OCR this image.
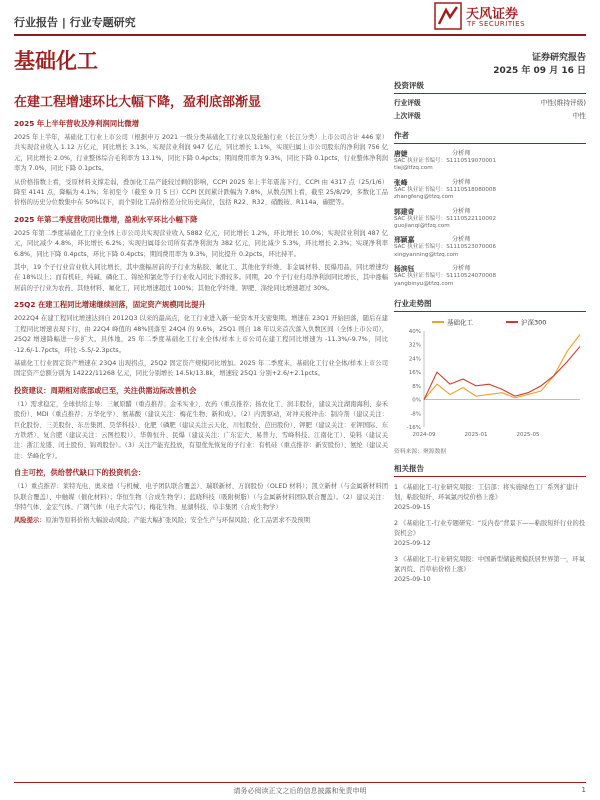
行业报告 | 行业专题研究
天风证券
TF SECURITIES
基础化工	证券研究报告
2025 年 09 月 16 日
在建工程增速环比大幅下降，盈利底部渐显
2025 年上半年营收及净利润同比微增
2025 年上半年，基础化工行业上市公司（根据申万 2021 一级分类基础化工行业以及轮胎行业（长江分类）上市公司合计 446 家）共实现营业收入 1.12 万亿元，同比增长 3.1%，实现营业利润 947 亿元，同比增长 1.1%，实现归属上市公司股东的净利润 756 亿元，同比增长 2.0%，行业整体综合毛利率为 13.1%，同比下降 0.4pcts；期间费用率为 9.3%，同比下降 0.1pcts，行业整体净利润率为 7.0%，同比下降 0.1pcts。
从价格指数上看，受原材料支撑走弱，叠加化工品产能较过剩的影响，CCPI 2025 年上半年震荡下行，CCPI 由 4317 点（25/1/6）降至 4141 点，降幅为 4.1%；年初至今（截至 9 月 5 日）CCPI 区间累计跌幅为 7.8%，从数点图上看，截至 25/8/29，多数化工品价格的历史分位数集中在 50%以下，而个别化工品价格差分位历史高位，包括 R22、R32、硝酸铵、R114a、碳肥等。
2025 年第二季度营收同比微增，盈利水平环比小幅下降
2025 年第二季度基础化工行业全体上市公司共实现营业收入 5882 亿元，同比增长 1.2%，环比增长 10.0%；实现营业利润 487 亿元，同比减少 4.8%，环比增长 6.2%；实现归属母公司所有者净利润为 382 亿元，同比减少 5.3%，环比增长 2.3%；实现净利率 6.8%，同比下降 0.4pcts，环比下降 0.4pcts；期间费用率为 9.3%，同比提升 0.2pcts，环比持平。
其中，19 个子行业营业收入同比增长，其中涨幅居前的子行业为粘胶、氟化工、其他化学纤维、非金属材料、民爆用品，同比增速均在 18%以上；而有机硅、纯碱、磷化工、锦纶和氯化等子行业收入同比下滑较多。同期，20 个子行业归母净利润同比增长，其中涨幅居前的子行业为农药、其他材料、氟化工，同比增速超过 100%；其他化学纤维、钾肥、涤纶同比增速超过 30%。
25Q2 在建工程同比增速继续回落，固定资产规模同比提升
2022Q4 在建工程同比增速达到自 2012Q3 以来的最高点，化工行业进入新一轮资本开支密集期。增速在 23Q1 开始回落，随后在建工程同比增速表现下行，由 22Q4 峰值的 48%回落至 24Q4 的 9.6%，25Q1 则自 18 年以来首次落入负数区间（全体上市公司），25Q2 增速降幅进一步扩大。具体地，25 年二季度基础化工行业全体/样本上市公司在建工程同比增速为 -11.3%/-9.7%，同比 -12.6/-1.7pcts，环比 -5.5/-2.3pcts。
基础化工行业固定资产增速在 23Q4 出现拐点，25Q2 固定资产规模同比增加。2025 年二季度末，基础化工行业全体/样本上市公司固定资产总额分别为 14222/11268 亿元，同比分别增长 14.5k/13.8k，增速较 25Q1 分别+2.6/+2.1pcts。
投资建议：周期相对底部或已至，关注供需边际改善机会
（1）需求稳定，全球供给主导：三氟原醋（重点推荐；金禾实业）、农药（重点推荐；扬农化工、润丰股份，建议关注湖南海利、泰禾股份）、MDI（重点推荐；万华化学）、氨基酸（建议关注：梅花生物、新和成）。（2）内需驱动，对冲关税冲击：制冷剂（建议关注：巨化股份、三美股份、东岳集团、昊华科技）、化肥（磷肥（建议关注云天化、川恒股份、芭田股份）、钾肥（建议关注：亚钾国际、东方铁塔）、复合肥（建议关注：云图控股））、华鲁恒升、民爆（建议关注：广东宏大、易普力、雪峰科技、江南化工）、染料（建议关注：浙江龙盛、闰土股份、锦鸡股份）。（3）关注产能充投放，有望优先恢复的子行业：有机硅（重点推荐：新安股份）、氨纶（建议关注：华峰化学）。
自主可控，供给替代缺口下的投资机会：
（1）重点推荐：莱特光电、奥来德（与机械、电子团队联合覆盖）、瑞联新材、万润股份（OLED 材料）；凯立新材（与金属新材料团队联合覆盖）、中触媒（催化材料）；华恒生物（合成生物学）；蓝晓科技（吸附树脂）（与金属新材料团队联合覆盖）。（2）建议关注：华特气体、金宏气体、广钢气体（电子大宗气）；梅花生物、星湖科技、阜丰集团（合成生物学）
风险提示：原油等原料价格大幅波动风险；产能大幅扩张风险；安全生产与环保风险；化工品需求不及预期
投资评级
行业评级	中性(维持评级)
上次评级	中性
作者
唐婕	分析师
SAC 执业证书编号：S1110519070001
tiej@tfzq.com
张峰	分析师
SAC 执业证书编号：S1110518080008
zhangfeng@tfzq.com
郭建奇	分析师
SAC 执业证书编号：S1110522110002
guojianqi@tfzq.com
邢颖嘉	分析师
SAC 执业证书编号：S1110523070006
xingyanning@tfzq.com
杨滨钰	分析师
SAC 执业证书编号：S1110524070008
yangbinyu@tfzq.com
行业走势图
基础化工	沪深300
40%
32%
24%
16%
8%
0%
-8%
-16%
2024-09	2025-01	2025-05
资料来源：聚源数据
相关报告
1 《基础化工-行业研究周报：工信部：将实施绿色工厂系列扩建计划，粘胶短纤、环氧氯丙烷价格上涨》
2025-09-15
2 《基础化工-行业专题研究：“反内卷”背景下——粘胶短纤行业的投资机会》
2025-09-12
3 《基础化工-行业研究周报：中国新型储能规模跃居世界第一，环氧氯丙烷、百草枯价格上涨》
2025-09-10
请务必阅读正文之后的信息披露和免责申明	1
